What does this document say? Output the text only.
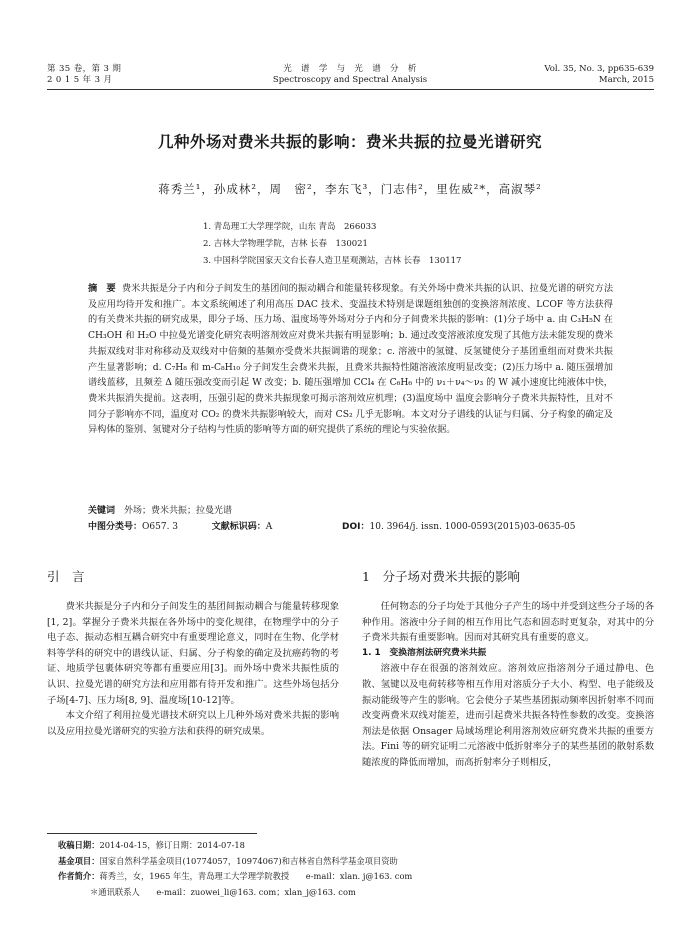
第 35 卷，第 3 期
2 0 1 5 年 3 月
光　谱　学　与　光　谱　分　析
Spectroscopy and Spectral Analysis
Vol. 35, No. 3, pp635-639
March, 2015
几种外场对费米共振的影响：费米共振的拉曼光谱研究
蒋秀兰¹，孙成林²，周　密²，李东飞³，门志伟²，里佐威²*，高淑琴²
1. 青岛理工大学理学院，山东 青岛　266033
2. 吉林大学物理学院，吉林 长春　130021
3. 中国科学院国家天文台长春人造卫星观测站，吉林 长春　130117
摘　要 费米共振是分子内和分子间发生的基团间的振动耦合和能量转移现象。有关外场中费米共振的认识、拉曼光谱的研究方法及应用均待开发和推广。本文系统阐述了利用高压 DAC 技术、变温技术特别是课题组独创的变换溶剂浓度、LCOF 等方法获得的有关费米共振的研究成果，即分子场、压力场、温度场等外场对分子内和分子间费米共振的影响：(1)分子场中 a. 由 C₃H₅N 在 CH₃OH 和 H₂O 中拉曼光谱变化研究表明溶剂效应对费米共振有明显影响；b. 通过改变溶液浓度发现了其他方法未能发现的费米共振双线对非对称移动及双线对中倍频的基频亦受费米共振调谐的现象；c. 溶液中的氢键、反氢键使分子基团重组而对费米共振产生显著影响；d. C₇H₈ 和 m-C₈H₁₀ 分子间发生会费米共振，且费米共振特性随溶液浓度明显改变；(2)压力场中 a. 随压强增加谱线蓝移，且频差 Δ 随压强改变而引起 W 改变；b. 随压强增加 CCl₄ 在 C₆H₆ 中的 ν₁＋ν₄～ν₃ 的 W 减小速度比纯液体中快，费米共振消失提前。这表明，压强引起的费米共振现象可揭示溶剂效应机理；(3)温度场中 温度会影响分子费米共振特性，且对不同分子影响亦不同，温度对 CO₂ 的费米共振影响较大，而对 CS₂ 几乎无影响。本文对分子谱线的认证与归属、分子构象的确定及异构体的鉴别、氢键对分子结构与性质的影响等方面的研究提供了系统的理论与实验依据。
关键词　 外场；费米共振；拉曼光谱
中图分类号：O657. 3	文献标识码：A	DOI：10. 3964/j. issn. 1000-0593(2015)03-0635-05
引　言

费米共振是分子内和分子间发生的基团间振动耦合与能量转移现象[1, 2]。掌握分子费米共振在各外场中的变化规律，在物理学中的分子电子态、振动态相互耦合研究中有重要理论意义，同时在生物、化学材料等学科的研究中的谱线认证、归属、分子构象的确定及抗癌药物的考证、地质学包裹体研究等都有重要应用[3]。而外场中费米共振性质的认识、拉曼光谱的研究方法和应用都有待开发和推广。这些外场包括分子场[4-7]、压力场[8, 9]、温度场[10-12]等。

本文介绍了利用拉曼光谱技术研究以上几种外场对费米共振的影响以及应用拉曼光谱研究的实验方法和获得的研究成果。

1　分子场对费米共振的影响

任何物态的分子均处于其他分子产生的场中并受到这些分子场的各种作用。溶液中分子间的相互作用比气态和固态时更复杂，对其中的分子费米共振有重要影响。因而对其研究具有重要的意义。

1. 1　变换溶剂法研究费米共振

溶液中存在很强的溶剂效应。溶剂效应指溶剂分子通过静电、色散、氢键以及电荷转移等相互作用对溶质分子大小、构型、电子能级及振动能级等产生的影响。它会使分子某些基团振动频率因折射率不同而改变两费米双线对能差，进而引起费米共振各特性参数的改变。变换溶剂法是依据 Onsager 局域场理论利用溶剂效应研究费米共振的重要方法。Fini 等的研究证明二元溶液中低折射率分子的某些基团的散射系数随浓度的降低而增加，而高折射率分子则相反，

收稿日期：2014-04-15，修订日期：2014-07-18
基金项目：国家自然科学基金项目(10774057，10974067)和吉林省自然科学基金项目资助
作者简介：蒋秀兰，女，1965 年生，青岛理工大学理学院教授　　e-mail：xlan. j@163. com
＊通讯联系人　　e-mail：zuowei_li@163. com；xlan_j@163. com
